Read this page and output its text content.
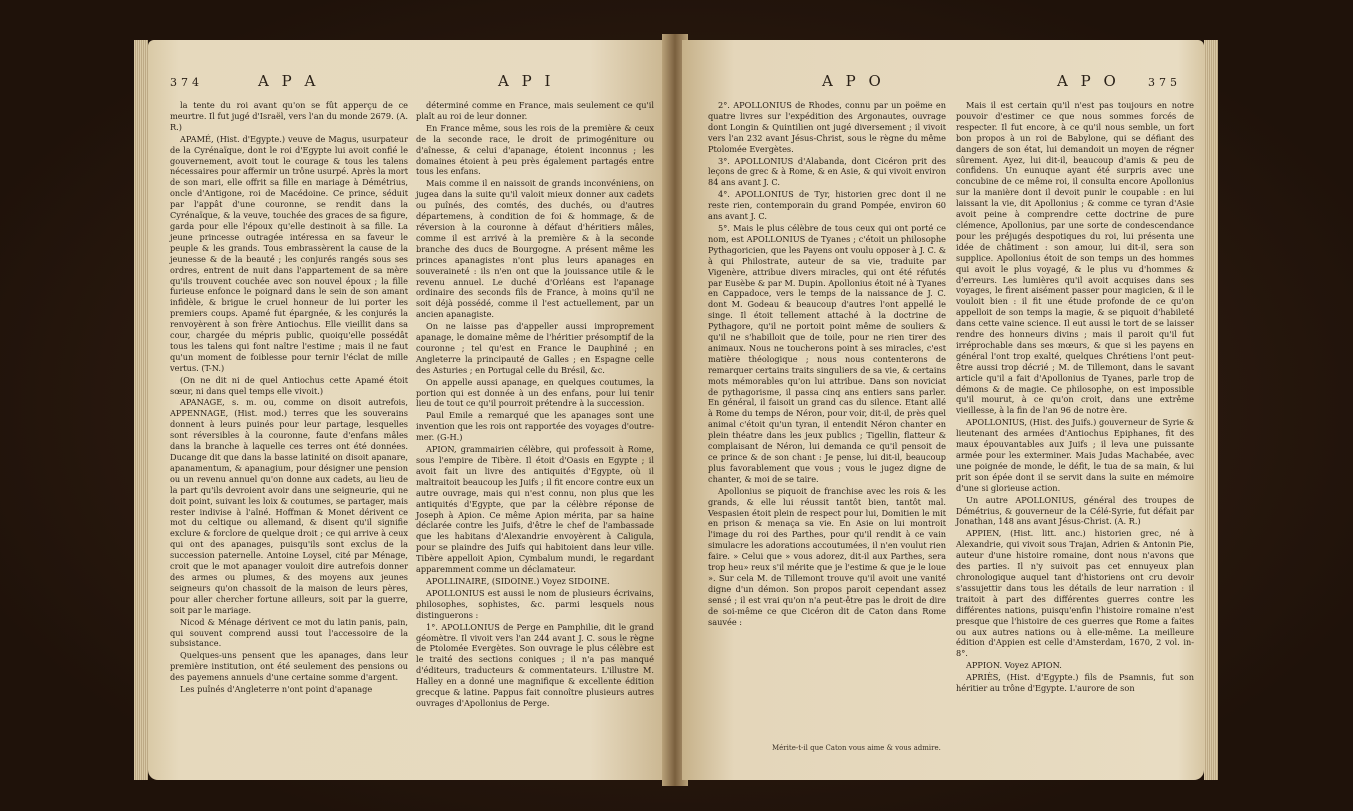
374	A P A	A P I

la tente du roi avant qu'on se fût apperçu de ce meurtre. Il fut jugé d'Israël, vers l'an du monde 2679. (A. R.)

APAMÉ, (Hist. d'Egypte.) veuve de Magus, usurpateur de la Cyrénaïque, dont le roi d'Egypte lui avoit confié le gouvernement, avoit tout le courage & tous les talens nécessaires pour affermir un trône usurpé. Après la mort de son mari, elle offrit sa fille en mariage à Démétrius, oncle d'Antigone, roi de Macédoine. Ce prince, séduit par l'appât d'une couronne, se rendit dans la Cyrénaïque, & la veuve, touchée des graces de sa figure, garda pour elle l'époux qu'elle destinoit à sa fille. La jeune princesse outragée intéressa en sa faveur le peuple & les grands. Tous embrassèrent la cause de la jeunesse & de la beauté ; les conjurés rangés sous ses ordres, entrent de nuit dans l'appartement de sa mère qu'ils trouvent couchée avec son nouvel époux ; la fille furieuse enfonce le poignard dans le sein de son amant infidèle, & brigue le cruel honneur de lui porter les premiers coups. Apamé fut épargnée, & les conjurés la renvoyèrent à son frère Antiochus. Elle vieillit dans sa cour, chargée du mépris public, quoiqu'elle possédât tous les talens qui font naître l'estime ; mais il ne faut qu'un moment de foiblesse pour ternir l'éclat de mille vertus. (T-N.)

(On ne dit ni de quel Antiochus cette Apamé étoit sœur, ni dans quel temps elle vivoit.)

APANAGE, s. m. ou, comme on disoit autrefois, APPENNAGE, (Hist. mod.) terres que les souverains donnent à leurs puinés pour leur partage, lesquelles sont réversibles à la couronne, faute d'enfans mâles dans la branche à laquelle ces terres ont été données. Ducange dit que dans la basse latinité on disoit apanare, apanamentum, & apanagium, pour désigner une pension ou un revenu annuel qu'on donne aux cadets, au lieu de la part qu'ils devroient avoir dans une seigneurie, qui ne doit point, suivant les loix & coutumes, se partager, mais rester indivise à l'aîné. Hoffman & Monet dérivent ce mot du celtique ou allemand, & disent qu'il signifie exclure & forclore de quelque droit ; ce qui arrive à ceux qui ont des apanages, puisqu'ils sont exclus de la succession paternelle. Antoine Loysel, cité par Ménage, croit que le mot apanager vouloit dire autrefois donner des armes ou plumes, & des moyens aux jeunes seigneurs qu'on chassoit de la maison de leurs pères, pour aller chercher fortune ailleurs, soit par la guerre, soit par le mariage.

Nicod & Ménage dérivent ce mot du latin panis, pain, qui souvent comprend aussi tout l'accessoire de la subsistance.

Quelques-uns pensent que les apanages, dans leur première institution, ont été seulement des pensions ou des payemens annuels d'une certaine somme d'argent.

Les puînés d'Angleterre n'ont point d'apanage

déterminé comme en France, mais seulement ce qu'il plaît au roi de leur donner.

En France même, sous les rois de la première & ceux de la seconde race, le droit de primogéniture ou d'aînesse, & celui d'apanage, étoient inconnus ; les domaines étoient à peu près également partagés entre tous les enfans.

Mais comme il en naissoit de grands inconvéniens, on jugea dans la suite qu'il valoit mieux donner aux cadets ou puînés, des comtés, des duchés, ou d'autres départemens, à condition de foi & hommage, & de réversion à la couronne à défaut d'héritiers mâles, comme il est arrivé à la première & à la seconde branche des ducs de Bourgogne. A présent même les princes apanagistes n'ont plus leurs apanages en souveraineté : ils n'en ont que la jouissance utile & le revenu annuel. Le duché d'Orléans est l'apanage ordinaire des seconds fils de France, à moins qu'il ne soit déjà possédé, comme il l'est actuellement, par un ancien apanagiste.

On ne laisse pas d'appeller aussi improprement apanage, le domaine même de l'héritier présomptif de la couronne ; tel qu'est en France le Dauphiné ; en Angleterre la principauté de Galles ; en Espagne celle des Asturies ; en Portugal celle du Brésil, &c.

On appelle aussi apanage, en quelques coutumes, la portion qui est donnée à un des enfans, pour lui tenir lieu de tout ce qu'il pourroit prétendre à la succession.

Paul Emile a remarqué que les apanages sont une invention que les rois ont rapportée des voyages d'outre-mer. (G-H.)

APION, grammairien célèbre, qui professoit à Rome, sous l'empire de Tibère. Il étoit d'Oasis en Egypte ; il avoit fait un livre des antiquités d'Egypte, où il maltraitoit beaucoup les Juifs ; il fit encore contre eux un autre ouvrage, mais qui n'est connu, non plus que les antiquités d'Egypte, que par la célèbre réponse de Joseph à Apion. Ce même Apion mérita, par sa haine déclarée contre les Juifs, d'être le chef de l'ambassade que les habitans d'Alexandrie envoyèrent à Caligula, pour se plaindre des Juifs qui habitoient dans leur ville. Tibère appelloit Apion, Cymbalum mundi, le regardant apparemment comme un déclamateur.

APOLLINAIRE, (SIDOINE.) Voyez SIDOINE.

APOLLONIUS est aussi le nom de plusieurs écrivains, philosophes, sophistes, &c. parmi lesquels nous distinguerons :

1°. APOLLONIUS de Perge en Pamphilie, dit le grand géomètre. Il vivoit vers l'an 244 avant J. C. sous le règne de Ptolomée Evergètes. Son ouvrage le plus célèbre est le traité des sections coniques ; il n'a pas manqué d'éditeurs, traducteurs & commentateurs. L'illustre M. Halley en a donné une magnifique & excellente édition grecque & latine. Pappus fait connoître plusieurs autres ouvrages d'Apollonius de Perge.

A P O	A P O	375

2°. APOLLONIUS de Rhodes, connu par un poëme en quatre livres sur l'expédition des Argonautes, ouvrage dont Longin & Quintilien ont jugé diversement ; il vivoit vers l'an 232 avant Jésus-Christ, sous le règne du même Ptolomée Evergètes.

3°. APOLLONIUS d'Alabanda, dont Cicéron prit des leçons de grec & à Rome, & en Asie, & qui vivoit environ 84 ans avant J. C.

4°. APOLLONIUS de Tyr, historien grec dont il ne reste rien, contemporain du grand Pompée, environ 60 ans avant J. C.

5°. Mais le plus célèbre de tous ceux qui ont porté ce nom, est APOLLONIUS de Tyanes ; c'étoit un philosophe Pythagoricien, que les Payens ont voulu opposer à J. C. & à qui Philostrate, auteur de sa vie, traduite par Vigenère, attribue divers miracles, qui ont été réfutés par Eusèbe & par M. Dupin. Apollonius étoit né à Tyanes en Cappadoce, vers le temps de la naissance de J. C. dont M. Godeau & beaucoup d'autres l'ont appellé le singe. Il étoit tellement attaché à la doctrine de Pythagore, qu'il ne portoit point même de souliers & qu'il ne s'habilloit que de toile, pour ne rien tirer des animaux. Nous ne toucherons point à ses miracles, c'est matière théologique ; nous nous contenterons de remarquer certains traits singuliers de sa vie, & certains mots mémorables qu'on lui attribue. Dans son noviciat de pythagorisme, il passa cinq ans entiers sans parler. En général, il faisoit un grand cas du silence. Etant allé à Rome du temps de Néron, pour voir, dit-il, de près quel animal c'étoit qu'un tyran, il entendit Néron chanter en plein théatre dans les jeux publics ; Tigellin, flatteur & complaisant de Néron, lui demanda ce qu'il pensoit de ce prince & de son chant : Je pense, lui dit-il, beaucoup plus favorablement que vous ; vous le jugez digne de chanter, & moi de se taire.

Apollonius se piquoit de franchise avec les rois & les grands, & elle lui réussit tantôt bien, tantôt mal. Vespasien étoit plein de respect pour lui, Domitien le mit en prison & menaça sa vie. En Asie on lui montroit l'image du roi des Parthes, pour qu'il rendit à ce vain simulacre les adorations accoutumées, il n'en voulut rien faire. » Celui que » vous adorez, dit-il aux Parthes, sera trop heu» reux s'il mérite que je l'estime & que je le loue ». Sur cela M. de Tillemont trouve qu'il avoit une vanité digne d'un démon. Son propos paroit cependant assez sensé ; il est vrai qu'on n'a peut-être pas le droit de dire de soi-même ce que Cicéron dit de Caton dans Rome sauvée :

Mérite-t-il que Caton vous aime & vous admire.

Mais il est certain qu'il n'est pas toujours en notre pouvoir d'estimer ce que nous sommes forcés de respecter. Il fut encore, à ce qu'il nous semble, un fort bon propos à un roi de Babylone, qui se défiant des dangers de son état, lui demandoit un moyen de régner sûrement. Ayez, lui dit-il, beaucoup d'amis & peu de confidens. Un eunuque ayant été surpris avec une concubine de ce même roi, il consulta encore Apollonius sur la manière dont il devoit punir le coupable : en lui laissant la vie, dit Apollonius ; & comme ce tyran d'Asie avoit peine à comprendre cette doctrine de pure clémence, Apollonius, par une sorte de condescendance pour les préjugés despotiques du roi, lui présenta une idée de châtiment : son amour, lui dit-il, sera son supplice. Apollonius étoit de son temps un des hommes qui avoit le plus voyagé, & le plus vu d'hommes & d'erreurs. Les lumières qu'il avoit acquises dans ses voyages, le firent aisément passer pour magicien, & il le vouloit bien : il fit une étude profonde de ce qu'on appelloit de son temps la magie, & se piquoit d'habileté dans cette vaine science. Il eut aussi le tort de se laisser rendre des honneurs divins ; mais il paroit qu'il fut irréprochable dans ses mœurs, & que si les payens en général l'ont trop exalté, quelques Chrétiens l'ont peut-être aussi trop décrié ; M. de Tillemont, dans le savant article qu'il a fait d'Apollonius de Tyanes, parle trop de démons & de magie. Ce philosophe, on est impossible qu'il mourut, à ce qu'on croit, dans une extrême vieillesse, à la fin de l'an 96 de notre ère.

APOLLONIUS, (Hist. des Juifs.) gouverneur de Syrie & lieutenant des armées d'Antiochus Epiphanes, fit des maux épouvantables aux Juifs ; il leva une puissante armée pour les exterminer. Mais Judas Machabée, avec une poignée de monde, le défit, le tua de sa main, & lui prit son épée dont il se servit dans la suite en mémoire d'une si glorieuse action.

Un autre APOLLONIUS, général des troupes de Démétrius, & gouverneur de la Célé-Syrie, fut défait par Jonathan, 148 ans avant Jésus-Christ. (A. R.)

APPIEN, (Hist. litt. anc.) historien grec, né à Alexandrie, qui vivoit sous Trajan, Adrien & Antonin Pie, auteur d'une histoire romaine, dont nous n'avons que des parties. Il n'y suivoit pas cet ennuyeux plan chronologique auquel tant d'historiens ont cru devoir s'assujettir dans tous les détails de leur narration : il traitoit à part des différentes guerres contre les différentes nations, puisqu'enfin l'histoire romaine n'est presque que l'histoire de ces guerres que Rome a faites ou aux autres nations ou à elle-même. La meilleure édition d'Appien est celle d'Amsterdam, 1670, 2 vol. in-8°.

APPION. Voyez APION.

APRIÈS, (Hist. d'Egypte.) fils de Psamnis, fut son héritier au trône d'Egypte. L'aurore de son
